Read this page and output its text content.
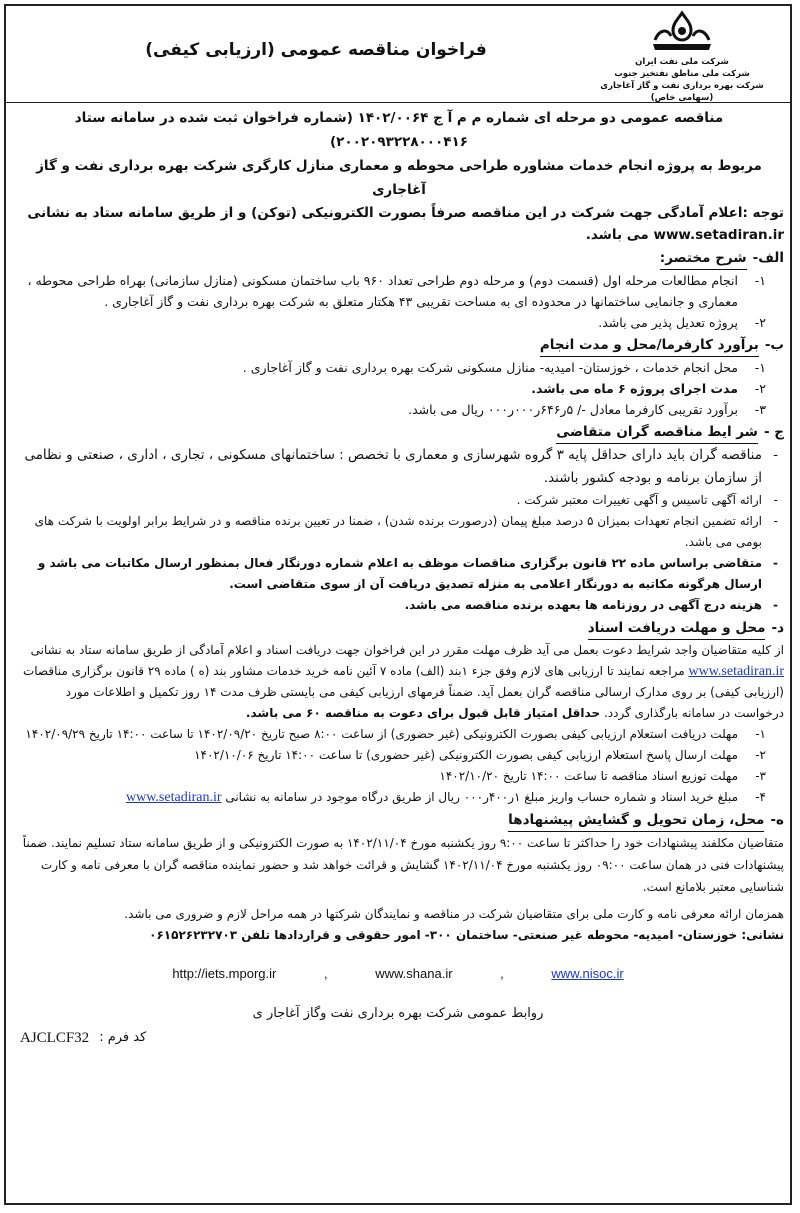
شرکت ملی نفت ایران
شرکت ملی مناطق نفتخیز جنوب
شرکت بهره برداری نفت و گاز آغاجاری (سهامی خاص)
فراخوان مناقصه عمومی (ارزیابی کیفی)
مناقصه عمومی دو مرحله ای شماره م م آ ج ۱۴۰۲/۰۰۶۴ (شماره فراخوان ثبت شده در سامانه ستاد ۲۰۰۲۰۹۳۲۲۸۰۰۰۴۱۶)
مربوط به پروژه انجام خدمات مشاوره طراحی محوطه و معماری منازل کارگری شرکت بهره برداری نفت و گاز آغاجاری
توجه :اعلام آمادگی جهت شرکت در این مناقصه صرفاً بصورت الکترونیکی (توکن) و از طریق سامانه ستاد به نشانی www.setadiran.ir می باشد.
الف-
شرح مختصر:
۱-
انجام مطالعات مرحله اول (قسمت دوم) و مرحله دوم طراحی تعداد ۹۶۰ باب ساختمان مسکونی (منازل سازمانی) بهراه طراحی محوطه ، معماری و جانمایی ساختمانها در محدوده ای به مساحت تقریبی ۴۳ هکتار متعلق به شرکت بهره برداری نفت و گاز آغاجاری .
۲-
پروژه تعدیل پذیر می باشد.
ب-
برآورد کارفرما/محل و مدت انجام
۱-
محل انجام خدمات ، خوزستان- امیدیه- منازل مسکونی شرکت بهره برداری نفت و گاز آغاجاری .
۲-
مدت اجرای پروژه ۶ ماه می باشد.
۳-
برآورد تقریبی کارفرما معادل -/ ۵ر۶۴۶ر۰۰۰ر۰۰۰ ریال می باشد.
ج -
شر ایط مناقصه گران متقاضی
-
مناقصه گران باید دارای حداقل پایه ۳ گروه شهرسازی و معماری با تخصص : ساختمانهای مسکونی ، تجاری ، اداری ، صنعتی و نظامی از سازمان برنامه و بودجه کشور باشند.
-
ارائه آگهی تاسیس و آگهی تغییرات معتبر شرکت .
-
ارائه تضمین انجام تعهدات بمیزان ۵ درصد مبلغ پیمان (درصورت برنده شدن) ، ضمنا در تعیین برنده مناقصه و در شرایط برابر اولویت با شرکت های بومی می باشد.
-
متقاضی براساس ماده ۲۲ قانون برگزاری مناقصات موظف به اعلام شماره دورنگار فعال بمنظور ارسال مکاتبات می باشد و ارسال هرگونه مکاتبه به دورنگار اعلامی به منزله تصدیق دریافت آن از سوی متقاضی است.
-
هزینه درج آگهی در روزنامه ها بعهده برنده مناقصه می باشد.
د-
محل و مهلت دریافت اسناد
از کلیه متقاضیان واجد شرایط دعوت بعمل می آید ظرف مهلت مقرر در این فراخوان جهت دریافت اسناد و اعلام آمادگی از طریق سامانه ستاد به نشانی www.setadiran.ir مراجعه نمایند تا ارزیابی های لازم وفق جزء ۱بند (الف) ماده ۷ آئین نامه خرید خدمات مشاور بند (ه ) ماده ۲۹ قانون برگزاری مناقصات (ارزیابی کیفی) بر روی مدارک ارسالی مناقصه گران بعمل آید. ضمناً فرمهای ارزیابی کیفی می بایستی ظرف مدت ۱۴ روز تکمیل و اطلاعات مورد درخواست در سامانه بارگذاری گردد. حداقل امتیاز قابل قبول برای دعوت به مناقصه ۶۰ می باشد.
۱-
مهلت دریافت استعلام ارزیابی کیفی بصورت الکترونیکی (غیر حضوری) از ساعت ۸:۰۰ صبح تاریخ ۱۴۰۲/۰۹/۲۰ تا ساعت ۱۴:۰۰ تاریخ ۱۴۰۲/۰۹/۲۹
۲-
مهلت ارسال پاسخ استعلام ارزیابی کیفی بصورت الکترونیکی (غیر حضوری) تا ساعت ۱۴:۰۰ تاریخ ۱۴۰۲/۱۰/۰۶
۳-
مهلت توزیع اسناد مناقصه تا ساعت ۱۴:۰۰ تاریخ ۱۴۰۲/۱۰/۲۰
۴-
مبلغ خرید اسناد و شماره حساب واریز مبلغ ۱ر۴۰۰ر۰۰۰ ریال از طریق درگاه موجود در سامانه به نشانی www.setadiran.ir
ه-
محل، زمان تحویل و گشایش پیشنهادها
متقاضیان مکلفند پیشنهادات خود را حداکثر تا ساعت ۹:۰۰ روز یکشنبه مورخ ۱۴۰۲/۱۱/۰۴ به صورت الکترونیکی و از طریق سامانه ستاد تسلیم نمایند. ضمناً پیشنهادات فنی در همان ساعت ۰۹:۰۰ روز یکشنبه مورخ ۱۴۰۲/۱۱/۰۴ گشایش و قرائت خواهد شد و حضور نماینده مناقصه گران با معرفی نامه و کارت شناسایی معتبر بلامانع است.
همزمان ارائه معرفی نامه و کارت ملی برای متقاضیان شرکت در مناقصه و نمایندگان شرکتها در همه مراحل لازم و ضروری می باشد.
نشانی: خوزستان- امیدیه- محوطه غیر صنعتی- ساختمان ۳۰۰- امور حقوقی و قراردادها تلفن ۰۶۱۵۲۶۲۳۲۷۰۳
http://iets.mporg.ir	,	www.shana.ir	,	www.nisoc.ir
روابط عمومی شرکت بهره برداری نفت وگاز آغاجار ی
کد فرم :
AJCLCF32
